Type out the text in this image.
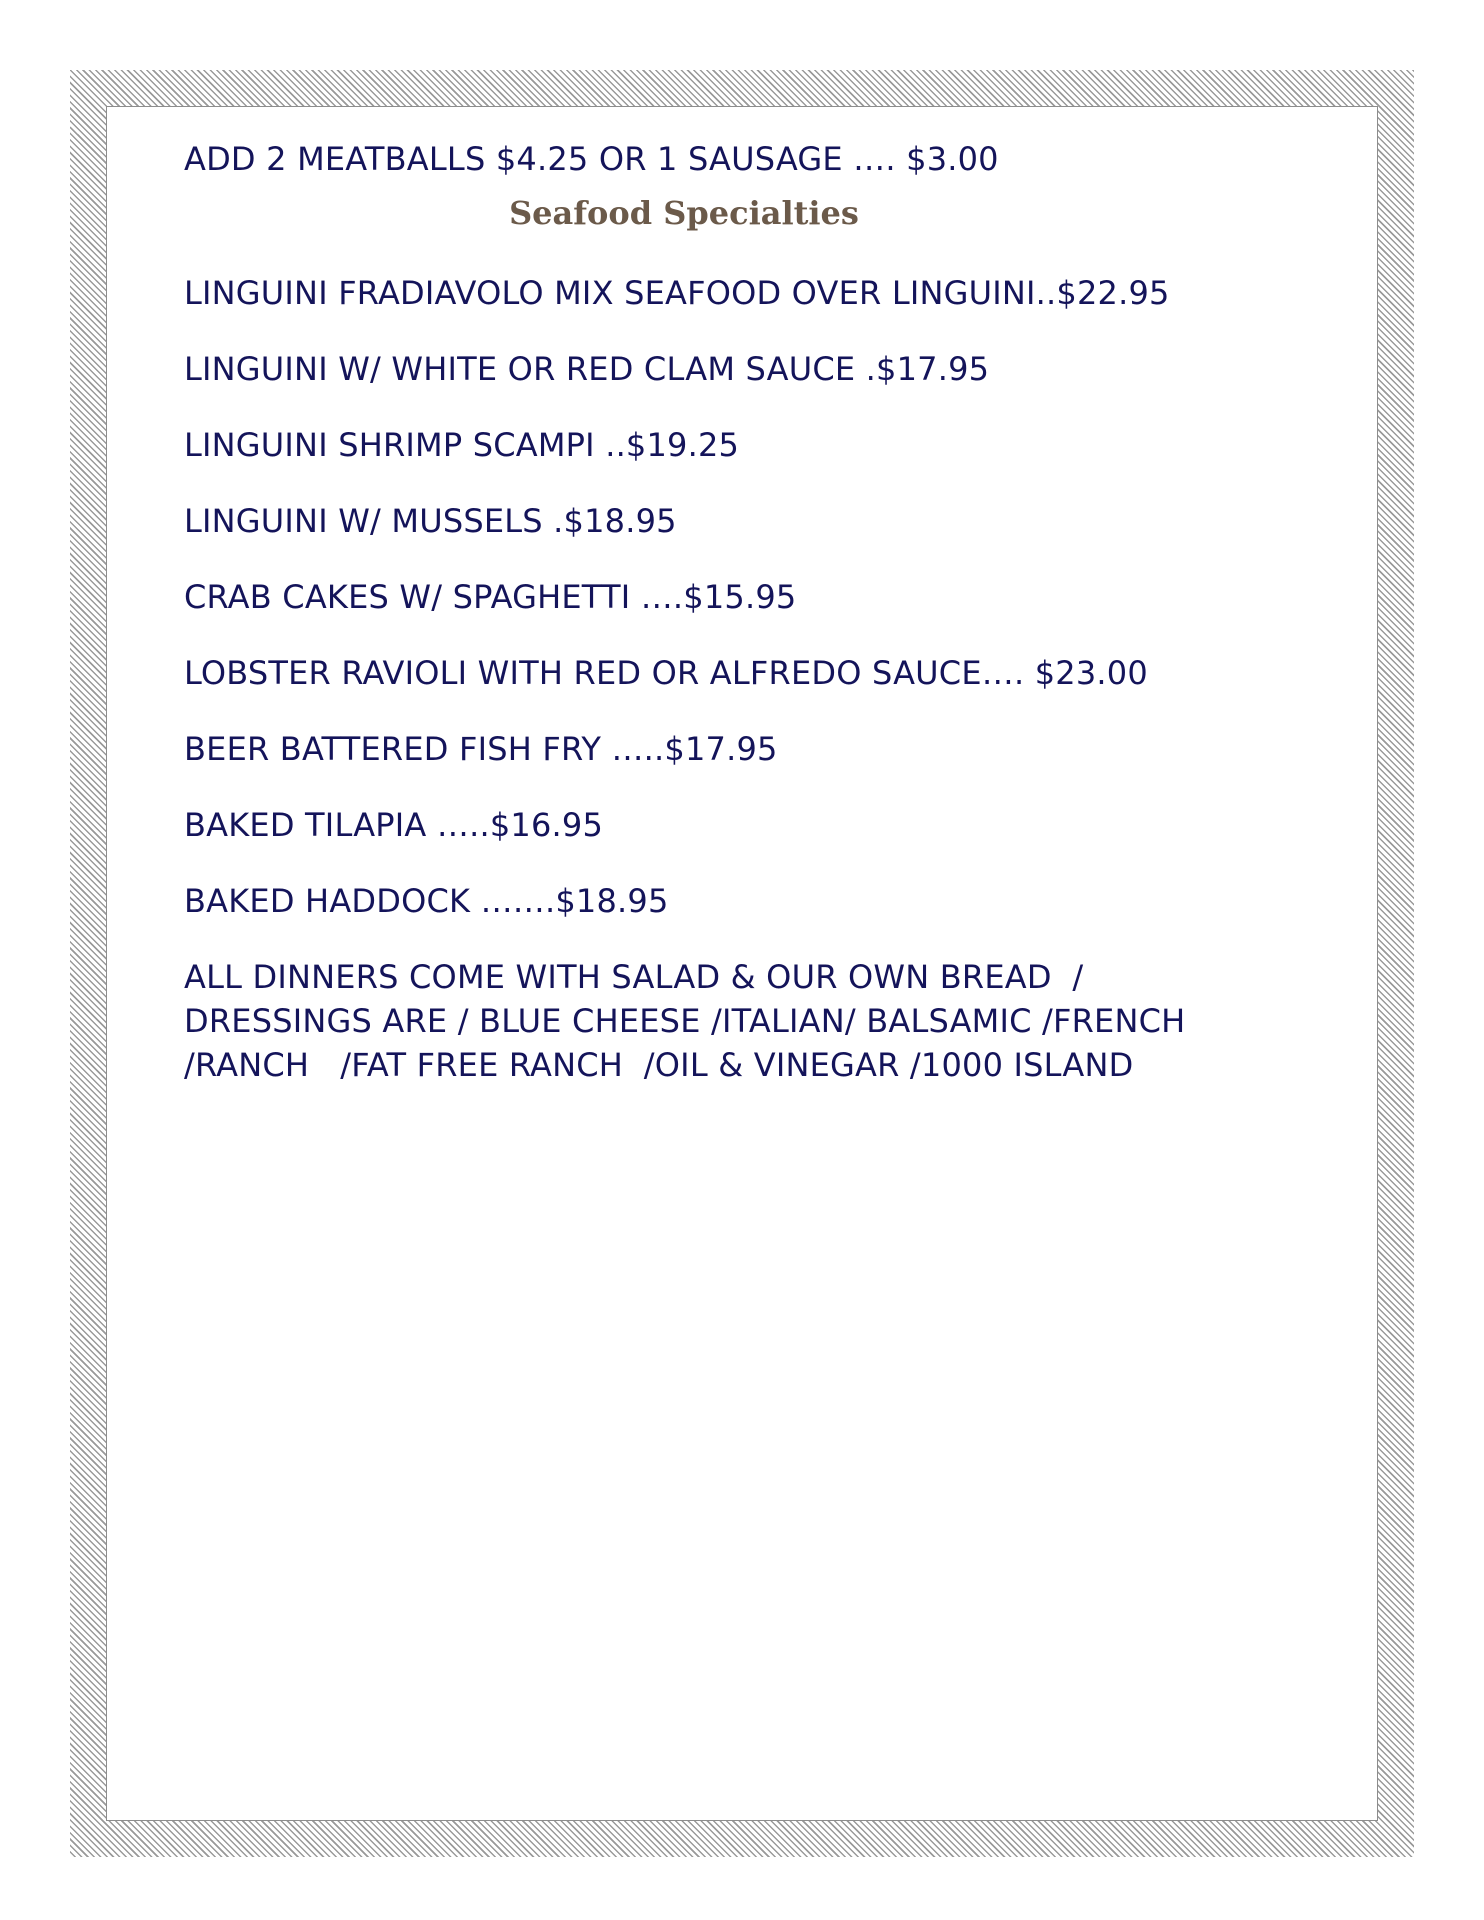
ADD 2 MEATBALLS $4.25 OR 1 SAUSAGE …. $3.00

Seafood Specialties

LINGUINI FRADIAVOLO MIX SEAFOOD OVER LINGUINI..$22.95

LINGUINI W/ WHITE OR RED CLAM SAUCE .$17.95

LINGUINI SHRIMP SCAMPI ..$19.25

LINGUINI W/ MUSSELS .$18.95

CRAB CAKES W/ SPAGHETTI ….$15.95

LOBSTER RAVIOLI WITH RED OR ALFREDO SAUCE…. $23.00

BEER BATTERED FISH FRY …..$17.95

BAKED TILAPIA …..$16.95

BAKED HADDOCK …….$18.95

ALL DINNERS COME WITH SALAD & OUR OWN BREAD  / DRESSINGS ARE / BLUE CHEESE /ITALIAN/ BALSAMIC /FRENCH /RANCH   /FAT FREE RANCH  /OIL & VINEGAR /1000 ISLAND
